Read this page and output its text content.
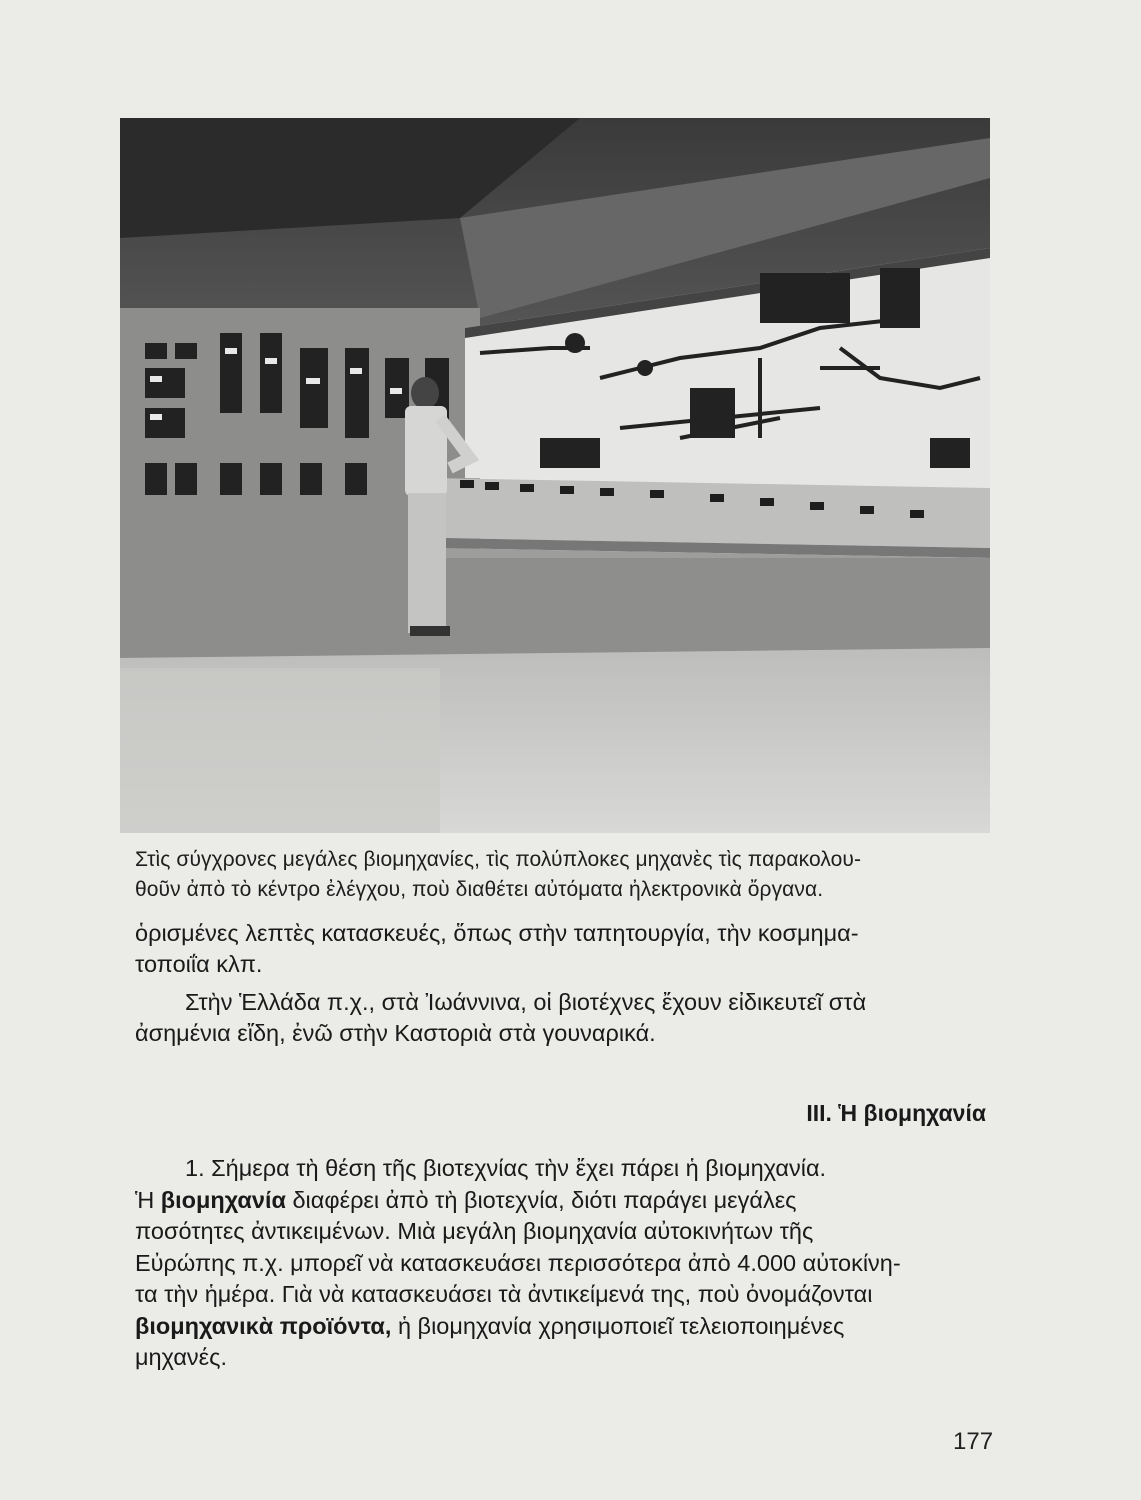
Στὶς σύγχρονες μεγάλες βιομηχανίες, τὶς πολύπλοκες μηχανὲς τὶς παρακολου-

θοῦν ἀπὸ τὸ κέντρο ἐλέγχου, ποὺ διαθέτει αὐτόματα ἠλεκτρονικὰ ὄργανα.

ὁρισμένες λεπτὲς κατασκευές, ὅπως στὴν ταπητουργία, τὴν κοσμημα-

τοποιΐα κλπ.

Στὴν Ἑλλάδα π.χ., στὰ Ἰωάννινα, οἱ βιοτέχνες ἔχουν εἰδικευτεῖ στὰ

ἀσημένια εἴδη, ἐνῶ στὴν Καστοριὰ στὰ γουναρικά.

ΙΙΙ. Ἡ βιομηχανία

1. Σήμερα τὴ θέση τῆς βιοτεχνίας τὴν ἔχει πάρει ἡ βιομηχανία.

Ἡ βιομηχανία διαφέρει ἀπὸ τὴ βιοτεχνία, διότι παράγει μεγάλες

ποσότητες ἀντικειμένων. Μιὰ μεγάλη βιομηχανία αὐτοκινήτων τῆς

Εὐρώπης π.χ. μπορεῖ νὰ κατασκευάσει περισσότερα ἀπὸ 4.000 αὐτοκίνη-

τα τὴν ἡμέρα. Γιὰ νὰ κατασκευάσει τὰ ἀντικείμενά της, ποὺ ὀνομάζονται

βιομηχανικὰ προϊόντα, ἡ βιομηχανία χρησιμοποιεῖ τελειοποιημένες

μηχανές.

177
